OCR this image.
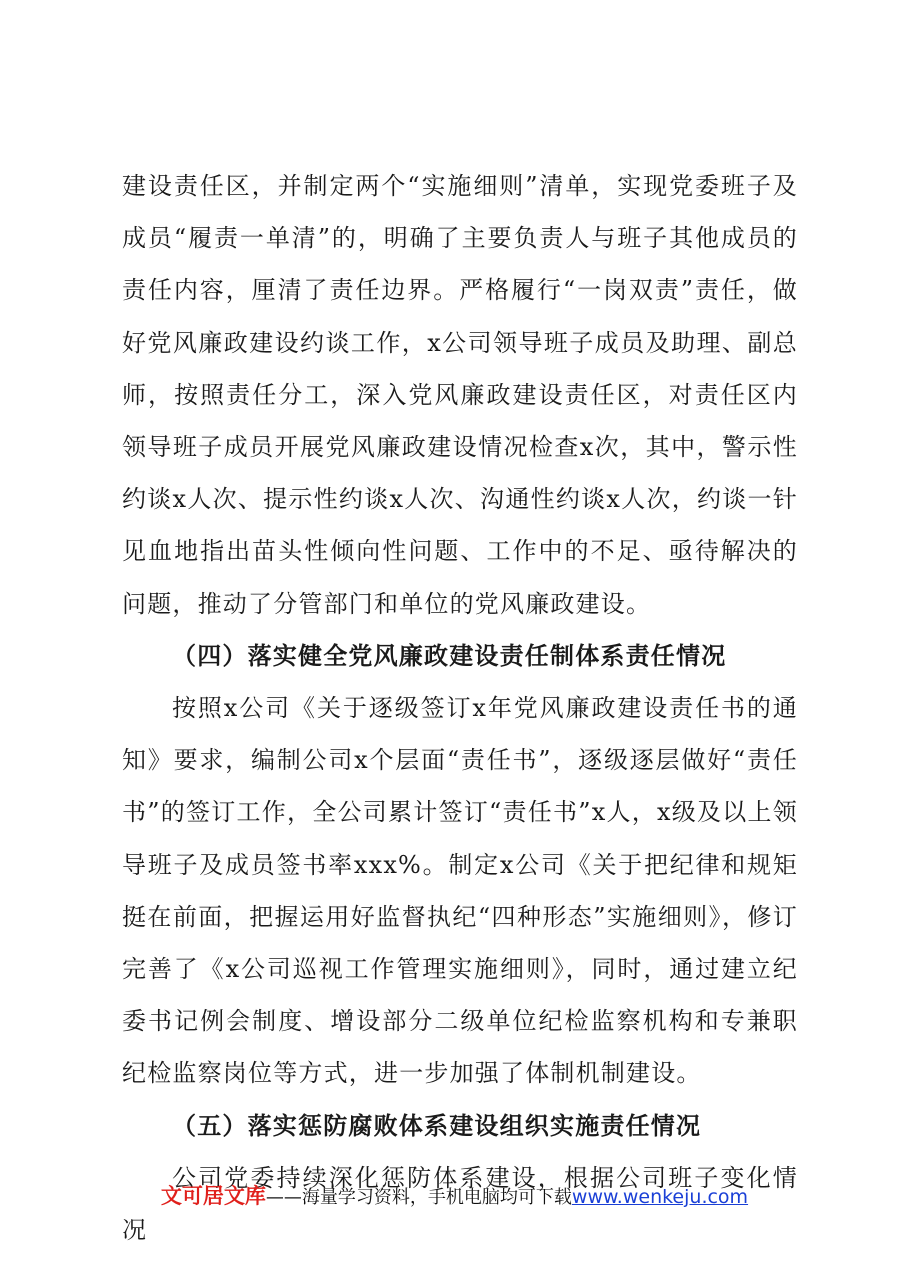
建设责任区，并制定两个“实施细则”清单，实现党委班子及成员“履责一单清”的，明确了主要负责人与班子其他成员的责任内容，厘清了责任边界。严格履行“一岗双责”责任，做好党风廉政建设约谈工作，x公司领导班子成员及助理、副总师，按照责任分工，深入党风廉政建设责任区，对责任区内领导班子成员开展党风廉政建设情况检查x次，其中，警示性约谈x人次、提示性约谈x人次、沟通性约谈x人次，约谈一针见血地指出苗头性倾向性问题、工作中的不足、亟待解决的问题，推动了分管部门和单位的党风廉政建设。

（四）落实健全党风廉政建设责任制体系责任情况

按照x公司《关于逐级签订x年党风廉政建设责任书的通知》要求，编制公司x个层面“责任书”，逐级逐层做好“责任书”的签订工作，全公司累计签订“责任书”x人，x级及以上领导班子及成员签书率xxx%。制定x公司《关于把纪律和规矩挺在前面，把握运用好监督执纪“四种形态”实施细则》，修订完善了《x公司巡视工作管理实施细则》，同时，通过建立纪委书记例会制度、增设部分二级单位纪检监察机构和专兼职纪检监察岗位等方式，进一步加强了体制机制建设。

（五）落实惩防腐败体系建设组织实施责任情况

公司党委持续深化惩防体系建设，根据公司班子变化情况

文可居文库——海量学习资料，手机电脑均可下载www.wenkeju.com
